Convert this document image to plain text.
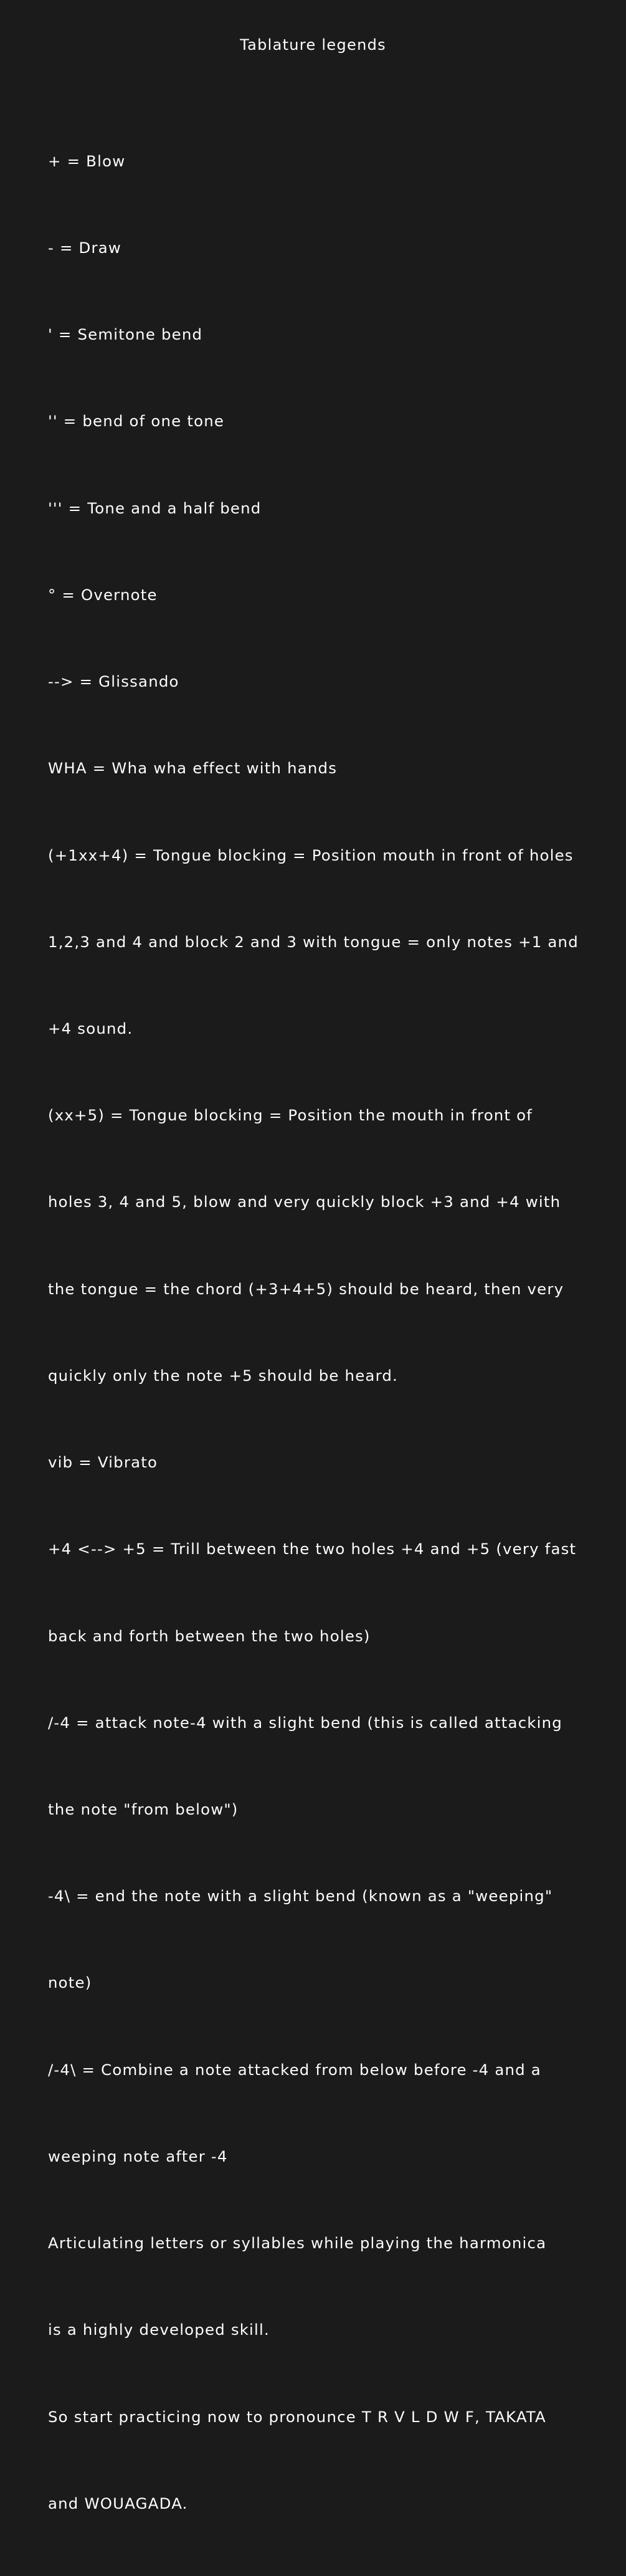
Tablature legends

+ = Blow

- = Draw

' = Semitone bend

'' = bend of one tone

''' = Tone and a half bend

° = Overnote

--> = Glissando

WHA = Wha wha effect with hands

(+1xx+4) = Tongue blocking = Position mouth in front of holes

1,2,3 and 4 and block 2 and 3 with tongue = only notes +1 and

+4 sound.

(xx+5) = Tongue blocking = Position the mouth in front of

holes 3, 4 and 5, blow and very quickly block +3 and +4 with

the tongue = the chord (+3+4+5) should be heard, then very

quickly only the note +5 should be heard.

vib = Vibrato

+4 <--> +5 = Trill between the two holes +4 and +5 (very fast

back and forth between the two holes)

/-4 = attack note-4 with a slight bend (this is called attacking

the note "from below")

-4\ = end the note with a slight bend (known as a "weeping"

note)

/-4\ = Combine a note attacked from below before -4 and a

weeping note after -4

Articulating letters or syllables while playing the harmonica

is a highly developed skill.

So start practicing now to pronounce T R V L D W F, TAKATA

and WOUAGADA.
